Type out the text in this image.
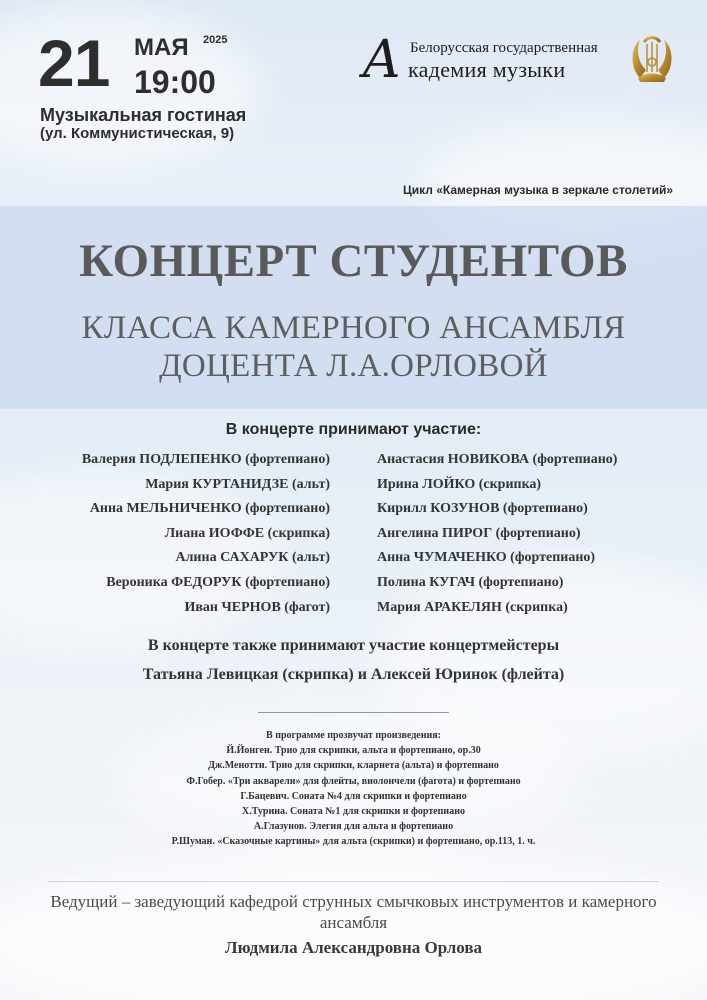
21 МАЯ 2025
19:00
Музыкальная гостиная
(ул. Коммунистическая, 9)
А Белорусская государственная
кадемия музыки
Цикл «Камерная музыка в зеркале столетий»
КОНЦЕРТ СТУДЕНТОВ
КЛАССА КАМЕРНОГО АНСАМБЛЯ
ДОЦЕНТА Л.А.ОРЛОВОЙ
В концерте принимают участие:
Валерия ПОДЛЕПЕНКО (фортепиано)
Мария КУРТАНИДЗЕ (альт)
Анна МЕЛЬНИЧЕНКО (фортепиано)
Лиана ИОФФЕ (скрипка)
Алина САХАРУК (альт)
Вероника ФЕДОРУК (фортепиано)
Иван ЧЕРНОВ (фагот)
Анастасия НОВИКОВА (фортепиано)
Ирина ЛОЙКО (скрипка)
Кирилл КОЗУНОВ (фортепиано)
Ангелина ПИРОГ (фортепиано)
Анна ЧУМАЧЕНКО (фортепиано)
Полина КУГАЧ (фортепиано)
Мария АРАКЕЛЯН (скрипка)
В концерте также принимают участие концертмейстеры
Татьяна Левицкая (скрипка) и Алексей Юринок (флейта)
В программе прозвучат произведения:
Й.Йонген. Трио для скрипки, альта и фортепиано, ор.30
Дж.Менотти. Трио для скрипки, кларнета (альта) и фортепиано
Ф.Гобер. «Три акварели» для флейты, виолончели (фагота) и фортепиано
Г.Бацевич. Соната №4 для скрипки и фортепиано
Х.Турина. Соната №1 для скрипки и фортепиано
А.Глазунов. Элегия для альта и фортепиано
Р.Шуман. «Сказочные картины» для альта (скрипки) и фортепиано, ор.113, 1. ч.
Ведущий – заведующий кафедрой струнных смычковых инструментов и камерного ансамбля
Людмила Александровна Орлова
